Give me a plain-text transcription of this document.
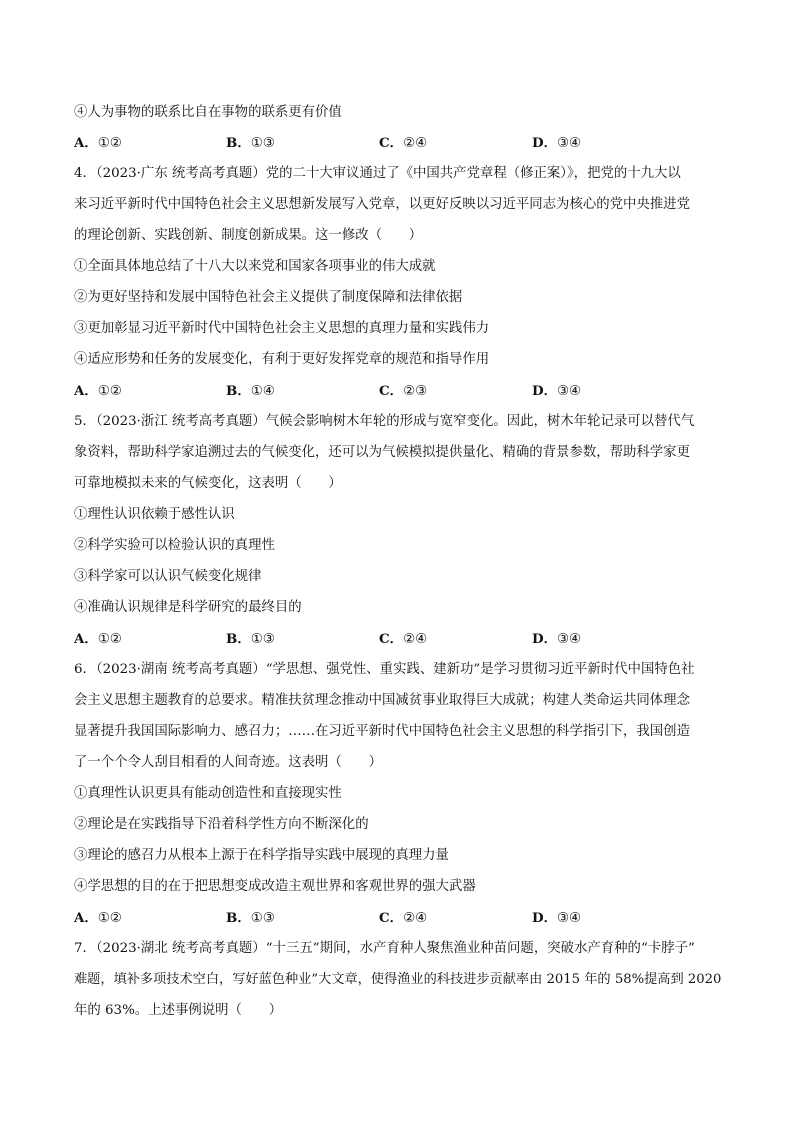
④人为事物的联系比自在事物的联系更有价值
A．①②	B．①③	C．②④	D．③④
4．（2023·广东 统考高考真题）党的二十大审议通过了《中国共产党章程（修正案）》，把党的十九大以
来习近平新时代中国特色社会主义思想新发展写入党章，以更好反映以习近平同志为核心的党中央推进党
的理论创新、实践创新、制度创新成果。这一修改（　　）
①全面具体地总结了十八大以来党和国家各项事业的伟大成就
②为更好坚持和发展中国特色社会主义提供了制度保障和法律依据
③更加彰显习近平新时代中国特色社会主义思想的真理力量和实践伟力
④适应形势和任务的发展变化，有利于更好发挥党章的规范和指导作用
A．①②	B．①④	C．②③	D．③④
5．（2023·浙江 统考高考真题）气候会影响树木年轮的形成与宽窄变化。因此，树木年轮记录可以替代气
象资料，帮助科学家追溯过去的气候变化，还可以为气候模拟提供量化、精确的背景参数，帮助科学家更
可靠地模拟未来的气候变化，这表明（　　）
①理性认识依赖于感性认识
②科学实验可以检验认识的真理性
③科学家可以认识气候变化规律
④准确认识规律是科学研究的最终目的
A．①②	B．①③	C．②④	D．③④
6．（2023·湖南 统考高考真题）“学思想、强党性、重实践、建新功”是学习贯彻习近平新时代中国特色社
会主义思想主题教育的总要求。精准扶贫理念推动中国减贫事业取得巨大成就；构建人类命运共同体理念
显著提升我国国际影响力、感召力；……在习近平新时代中国特色社会主义思想的科学指引下，我国创造
了一个个令人刮目相看的人间奇迹。这表明（　　）
①真理性认识更具有能动创造性和直接现实性
②理论是在实践指导下沿着科学性方向不断深化的
③理论的感召力从根本上源于在科学指导实践中展现的真理力量
④学思想的目的在于把思想变成改造主观世界和客观世界的强大武器
A．①②	B．①③	C．②④	D．③④
7．（2023·湖北 统考高考真题）“十三五”期间，水产育种人聚焦渔业种苗问题，突破水产育种的“卡脖子”
难题，填补多项技术空白，写好蓝色种业”大文章，使得渔业的科技进步贡献率由 2015 年的 58%提高到 2020
年的 63%。上述事例说明（　　）
